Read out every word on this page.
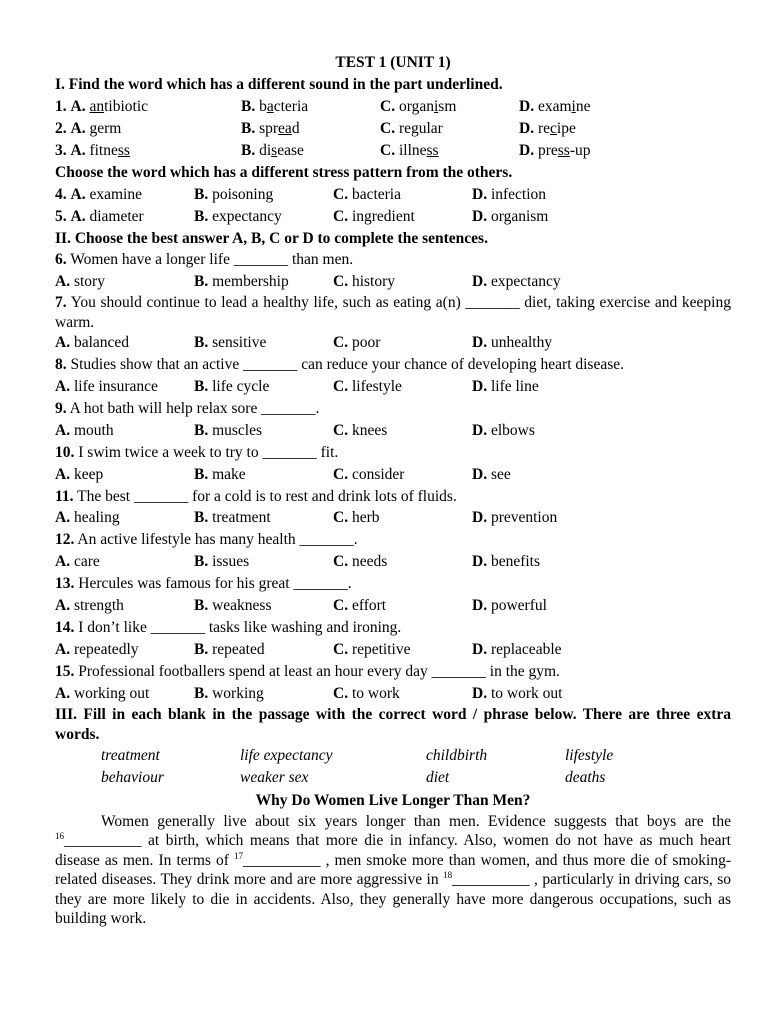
TEST 1 (UNIT 1)
I. Find the word which has a different sound in the part underlined.
1. A. antibiotic	B. bacteria	C. organism	D. examine
2. A. germ	B. spread	C. regular	D. recipe
3. A. fitness	B. disease	C. illness	D. press-up
Choose the word which has a different stress pattern from the others.
4. A. examine	B. poisoning	C. bacteria	D. infection
5. A. diameter	B. expectancy	C. ingredient	D. organism
II. Choose the best answer A, B, C or D to complete the sentences.
6. Women have a longer life _______ than men.
A. story	B. membership	C. history	D. expectancy
7. You should continue to lead a healthy life, such as eating a(n) _______ diet, taking exercise and keeping warm.
A. balanced	B. sensitive	C. poor	D. unhealthy
8. Studies show that an active _______ can reduce your chance of developing heart disease.
A. life insurance	B. life cycle	C. lifestyle	D. life line
9. A hot bath will help relax sore _______.
A. mouth	B. muscles	C. knees	D. elbows
10. I swim twice a week to try to _______ fit.
A. keep	B. make	C. consider	D. see
11. The best _______ for a cold is to rest and drink lots of fluids.
A. healing	B. treatment	C. herb	D. prevention
12. An active lifestyle has many health _______.
A. care	B. issues	C. needs	D. benefits
13. Hercules was famous for his great _______.
A. strength	B. weakness	C. effort	D. powerful
14. I don’t like _______ tasks like washing and ironing.
A. repeatedly	B. repeated	C. repetitive	D. replaceable
15. Professional footballers spend at least an hour every day _______ in the gym.
A. working out	B. working	C. to work	D. to work out
III. Fill in each blank in the passage with the correct word / phrase below. There are three extra words.
treatment	life expectancy	childbirth	lifestyle
behaviour	weaker sex	diet	deaths
Why Do Women Live Longer Than Men?
Women generally live about six years longer than men. Evidence suggests that boys are the $^{16}$__________ at birth, which means that more die in infancy. Also, women do not have as much heart disease as men. In terms of $^{17}$__________ , men smoke more than women, and thus more die of smoking-related diseases. They drink more and are more aggressive in $^{18}$__________ , particularly in driving cars, so they are more likely to die in accidents. Also, they generally have more dangerous occupations, such as building work.
